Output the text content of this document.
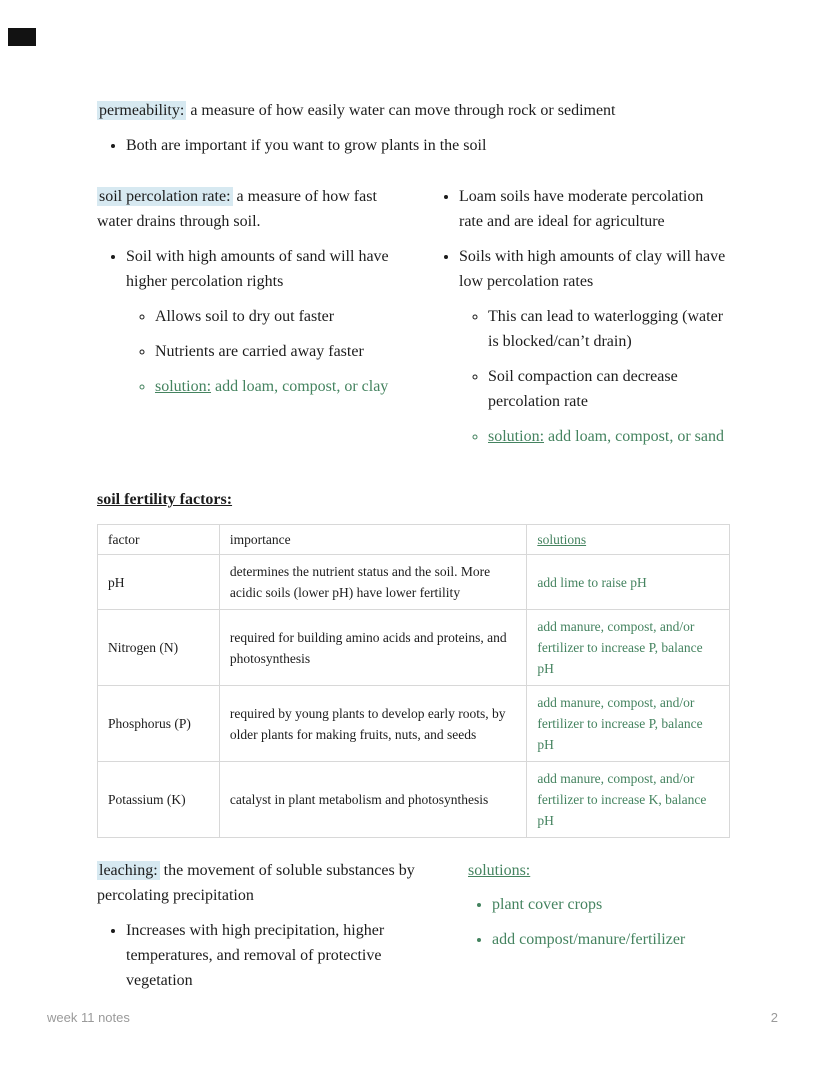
permeability: a measure of how easily water can move through rock or sediment

• Both are important if you want to grow plants in the soil

soil percolation rate: a measure of how fast water drains through soil.

• Soil with high amounts of sand will have higher percolation rights
◦ Allows soil to dry out faster
◦ Nutrients are carried away faster
◦ solution: add loam, compost, or clay
• Loam soils have moderate percolation rate and are ideal for agriculture
• Soils with high amounts of clay will have low percolation rates
◦ This can lead to waterlogging (water is blocked/can’t drain)
◦ Soil compaction can decrease percolation rate
◦ solution: add loam, compost, or sand

soil fertility factors:

factor	importance	solutions
pH	determines the nutrient status and the soil. More acidic soils (lower pH) have lower fertility	add lime to raise pH
Nitrogen (N)	required for building amino acids and proteins, and photosynthesis	add manure, compost, and/or fertilizer to increase P, balance pH
Phosphorus (P)	required by young plants to develop early roots, by older plants for making fruits, nuts, and seeds	add manure, compost, and/or fertilizer to increase P, balance pH
Potassium (K)	catalyst in plant metabolism and photosynthesis	add manure, compost, and/or fertilizer to increase K, balance pH

leaching: the movement of soluble substances by percolating precipitation

• Increases with high precipitation, higher temperatures, and removal of protective vegetation

solutions:

• plant cover crops
• add compost/manure/fertilizer
week 11 notes	2
